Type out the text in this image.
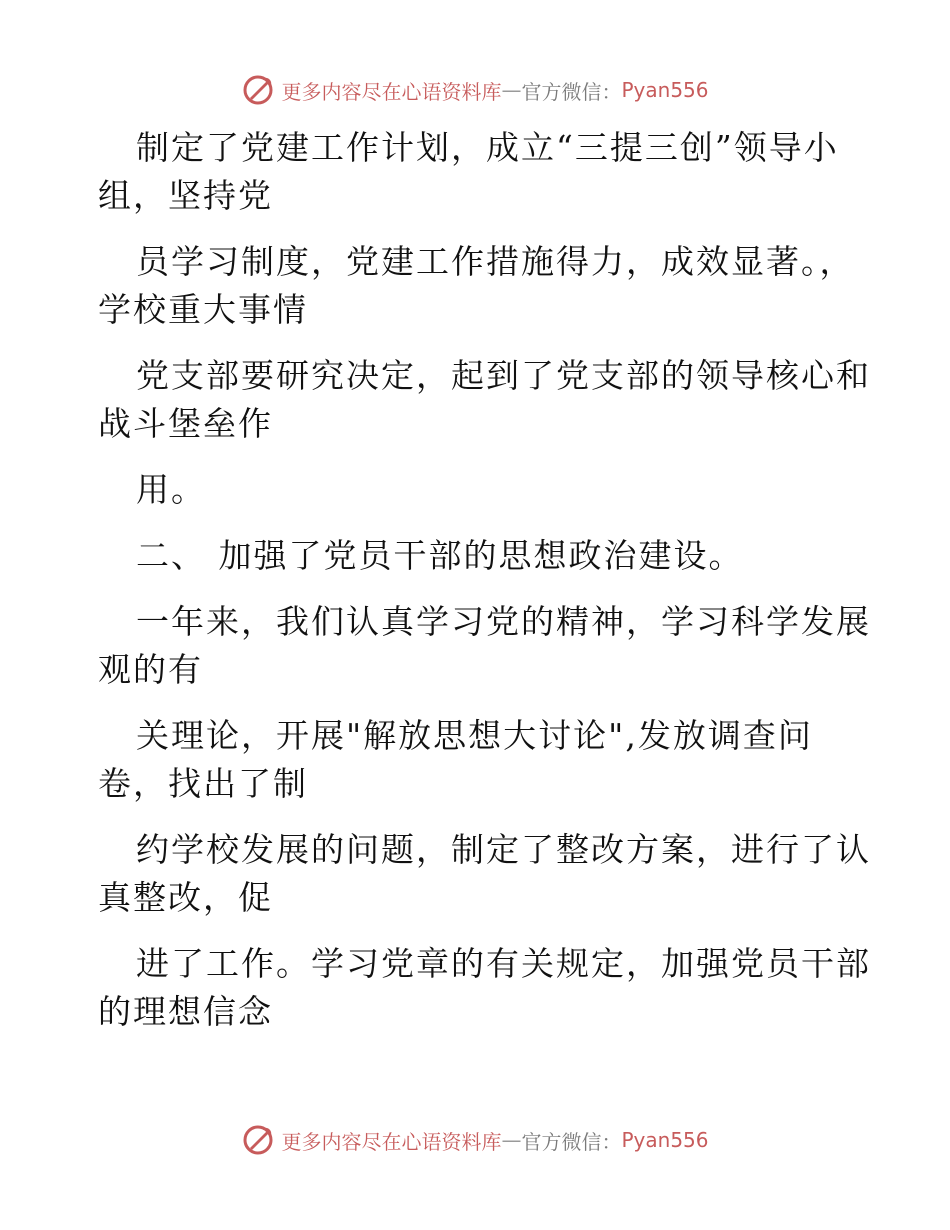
更多内容尽在心语资料库 — 官方微信： Pyan556
制定了党建工作计划，成立“三提三创”领导小
组，坚持党
员学习制度，党建工作措施得力，成效显著。，
学校重大事情
党支部要研究决定，起到了党支部的领导核心和
战斗堡垒作
用。
二、 加强了党员干部的思想政治建设。
一年来，我们认真学习党的精神，学习科学发展
观的有
关理论，开展"解放思想大讨论",发放调查问
卷，找出了制
约学校发展的问题，制定了整改方案，进行了认
真整改，促
进了工作。学习党章的有关规定，加强党员干部
的理想信念
更多内容尽在心语资料库 — 官方微信： Pyan556
